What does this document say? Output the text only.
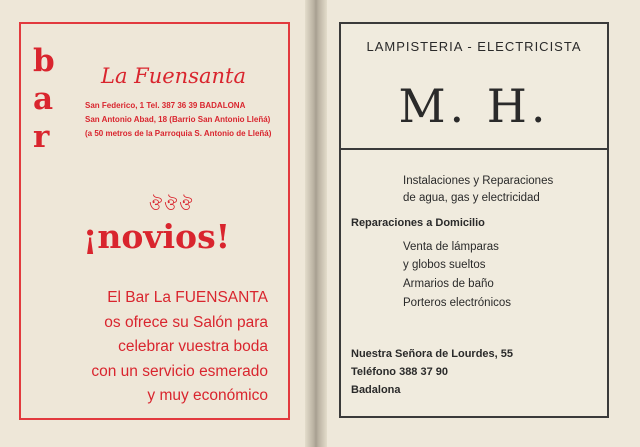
b
a
r
La Fuensanta
San Federico, 1 Tel. 387 36 39 BADALONA
San Antonio Abad, 18 (Barrio San Antonio Lleñá)
(a 50 metros de la Parroquia S. Antonio de Lleñá)
ঔঔঔ
¡novios!
El Bar La FUENSANTA
os ofrece su Salón para
celebrar vuestra boda
con un servicio esmerado
y muy económico
LAMPISTERIA - ELECTRICISTA
M. H.
Instalaciones y Reparaciones
de agua, gas y electricidad
Reparaciones a Domicilio
Venta de lámparas
y globos sueltos
Armarios de baño
Porteros electrónicos
Nuestra Señora de Lourdes, 55
Teléfono 388 37 90
Badalona
